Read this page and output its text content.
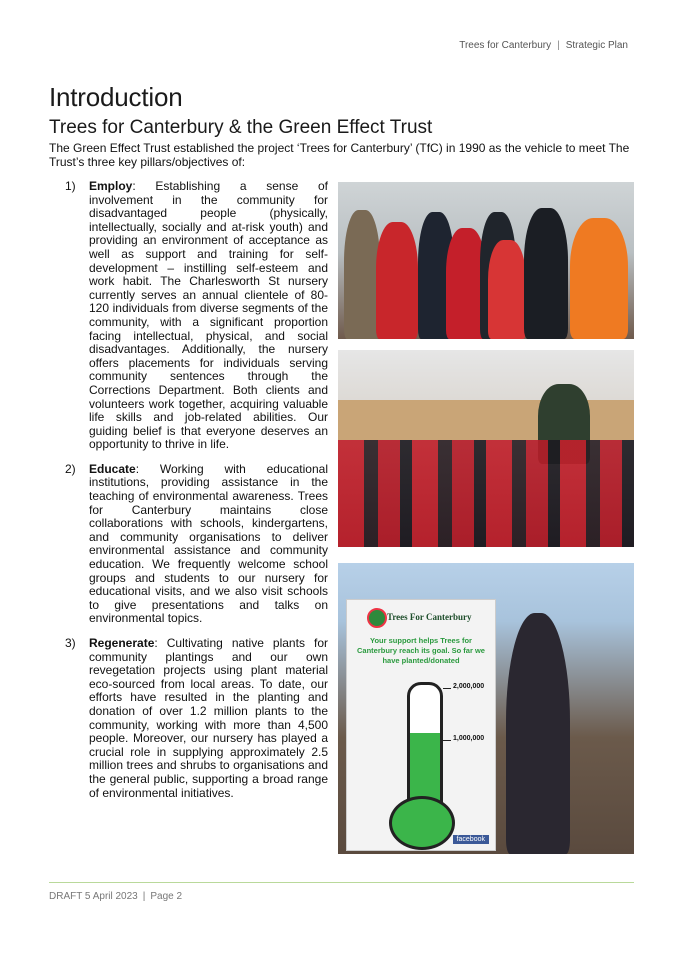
Trees for Canterbury | Strategic Plan
Introduction
Trees for Canterbury & the Green Effect Trust

The Green Effect Trust established the project ‘Trees for Canterbury’ (TfC) in 1990 as the vehicle to meet The Trust’s three key pillars/objectives of:

1) Employ: Establishing a sense of involvement in the community for disadvantaged people (physically, intellectually, socially and at-risk youth) and providing an environment of acceptance as well as support and training for self-development – instilling self-esteem and work habit. The Charlesworth St nursery currently serves an annual clientele of 80-120 individuals from diverse segments of the community, with a significant proportion facing intellectual, physical, and social disadvantages. Additionally, the nursery offers placements for individuals serving community sentences through the Corrections Department. Both clients and volunteers work together, acquiring valuable life skills and job-related abilities. Our guiding belief is that everyone deserves an opportunity to thrive in life.
2) Educate: Working with educational institutions, providing assistance in the teaching of environmental awareness. Trees for Canterbury maintains close collaborations with schools, kindergartens, and community organisations to deliver environmental assistance and community education. We frequently welcome school groups and students to our nursery for educational visits, and we also visit schools to give presentations and talks on environmental topics.
3) Regenerate: Cultivating native plants for community plantings and our own revegetation projects using plant material eco-sourced from local areas. To date, our efforts have resulted in the planting and donation of over 1.2 million plants to the community, working with more than 4,500 people. Moreover, our nursery has played a crucial role in supplying approximately 2.5 million trees and shrubs to organisations and the general public, supporting a broad range of environmental initiatives.
Trees For Canterbury
Your support helps Trees for Canterbury reach its goal. So far we have planted/donated
2,000,000
1,000,000
facebook
DRAFT 5 April 2023 | Page 2
